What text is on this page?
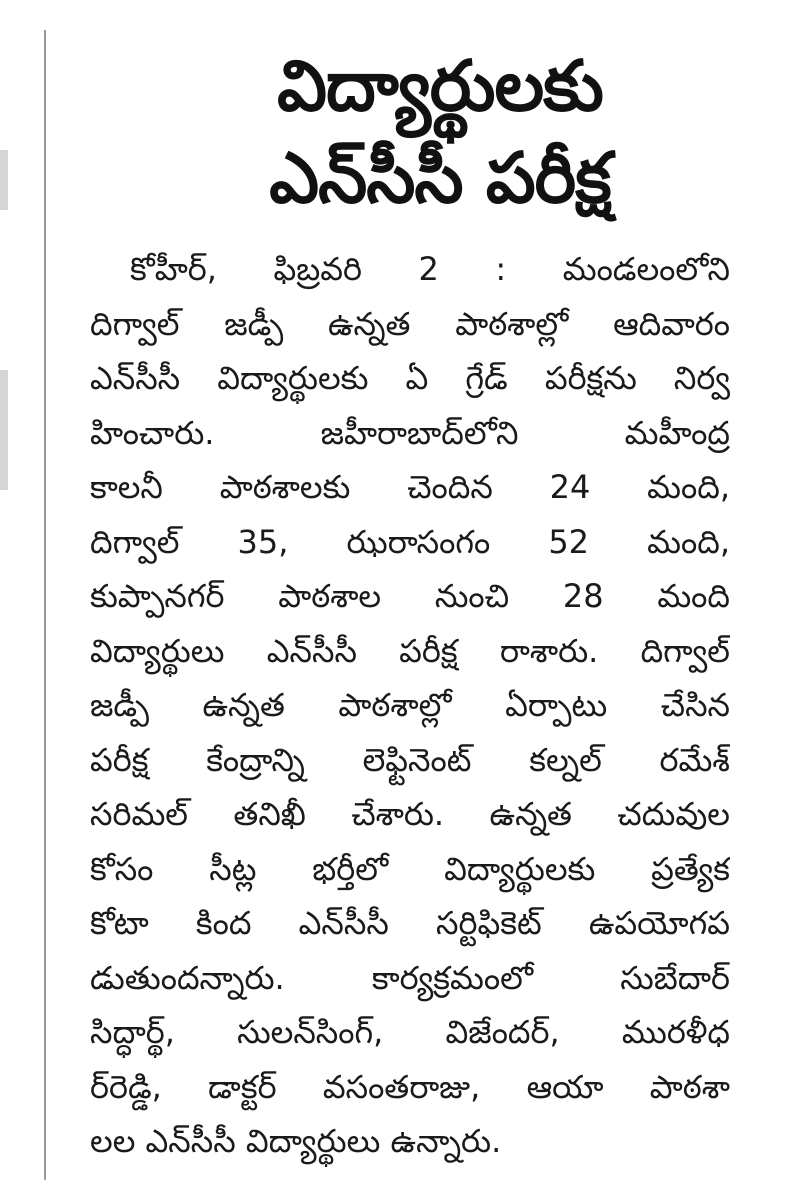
విద్యార్థులకు
ఎన్‌సీసీ పరీక్ష
కోహీర్, ఫిబ్రవరి 2 : మండలంలోని
దిగ్వాల్ జడ్పీ ఉన్నత పాఠశాల్లో ఆదివారం
ఎన్‌సీసీ విద్యార్థులకు ఏ గ్రేడ్ పరీక్షను నిర్వ
హించారు. జహీరాబాద్‌లోని మహీంద్ర
కాలనీ పాఠశాలకు చెందిన 24 మంది,
దిగ్వాల్ 35, ఝరాసంగం 52 మంది,
కుప్పానగర్ పాఠశాల నుంచి 28 మంది
విద్యార్థులు ఎన్‌సీసీ పరీక్ష రాశారు. దిగ్వాల్
జడ్పీ ఉన్నత పాఠశాల్లో ఏర్పాటు చేసిన
పరీక్ష కేంద్రాన్ని లెఫ్టినెంట్ కల్నల్ రమేశ్
సరిమల్ తనిఖీ చేశారు. ఉన్నత చదువుల
కోసం సీట్ల భర్తీలో విద్యార్థులకు ప్రత్యేక
కోటా కింద ఎన్‌సీసీ సర్టిఫికెట్ ఉపయోగప
డుతుందన్నారు. కార్యక్రమంలో సుబేదార్
సిద్ధార్థ్, సులన్‌సింగ్, విజేందర్, మురళీధ
ర్‌రెడ్డి, డాక్టర్ వసంతరాజు, ఆయా పాఠశా
లల ఎన్‌సీసీ విద్యార్థులు ఉన్నారు.
